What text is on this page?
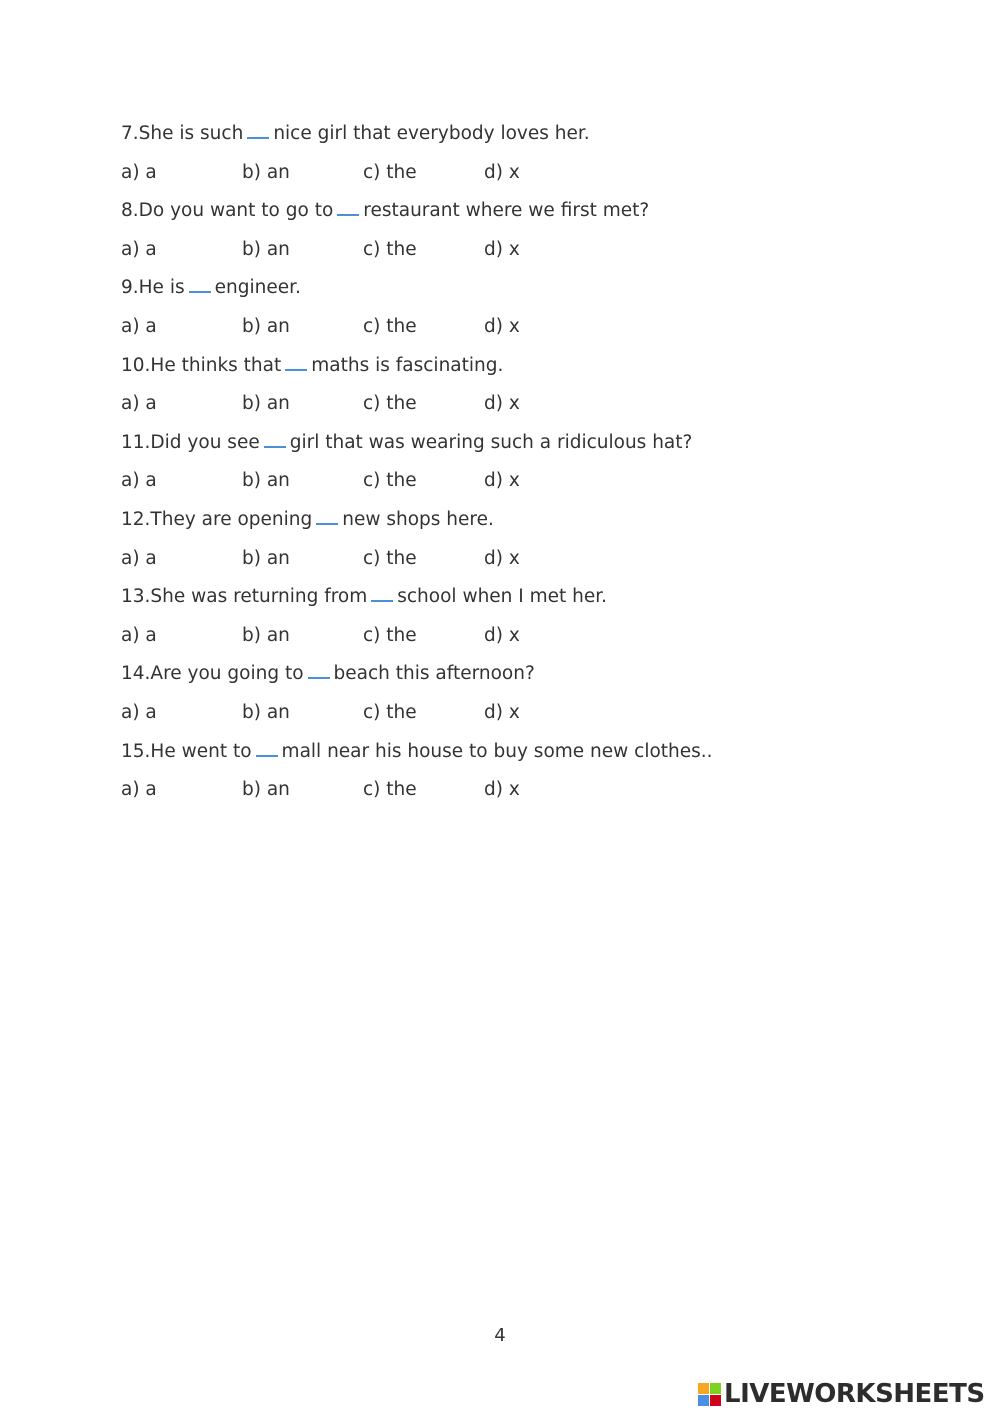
7.She is such nice girl that everybody loves her.
a) a	b) an	c) the	d) x
8.Do you want to go to restaurant where we first met?
a) a	b) an	c) the	d) x
9.He is engineer.
a) a	b) an	c) the	d) x
10.He thinks that maths is fascinating.
a) a	b) an	c) the	d) x
11.Did you see girl that was wearing such a ridiculous hat?
a) a	b) an	c) the	d) x
12.They are opening new shops here.
a) a	b) an	c) the	d) x
13.She was returning from school when I met her.
a) a	b) an	c) the	d) x
14.Are you going to beach this afternoon?
a) a	b) an	c) the	d) x
15.He went to mall near his house to buy some new clothes..
a) a	b) an	c) the	d) x
4
LIVEWORKSHEETS
